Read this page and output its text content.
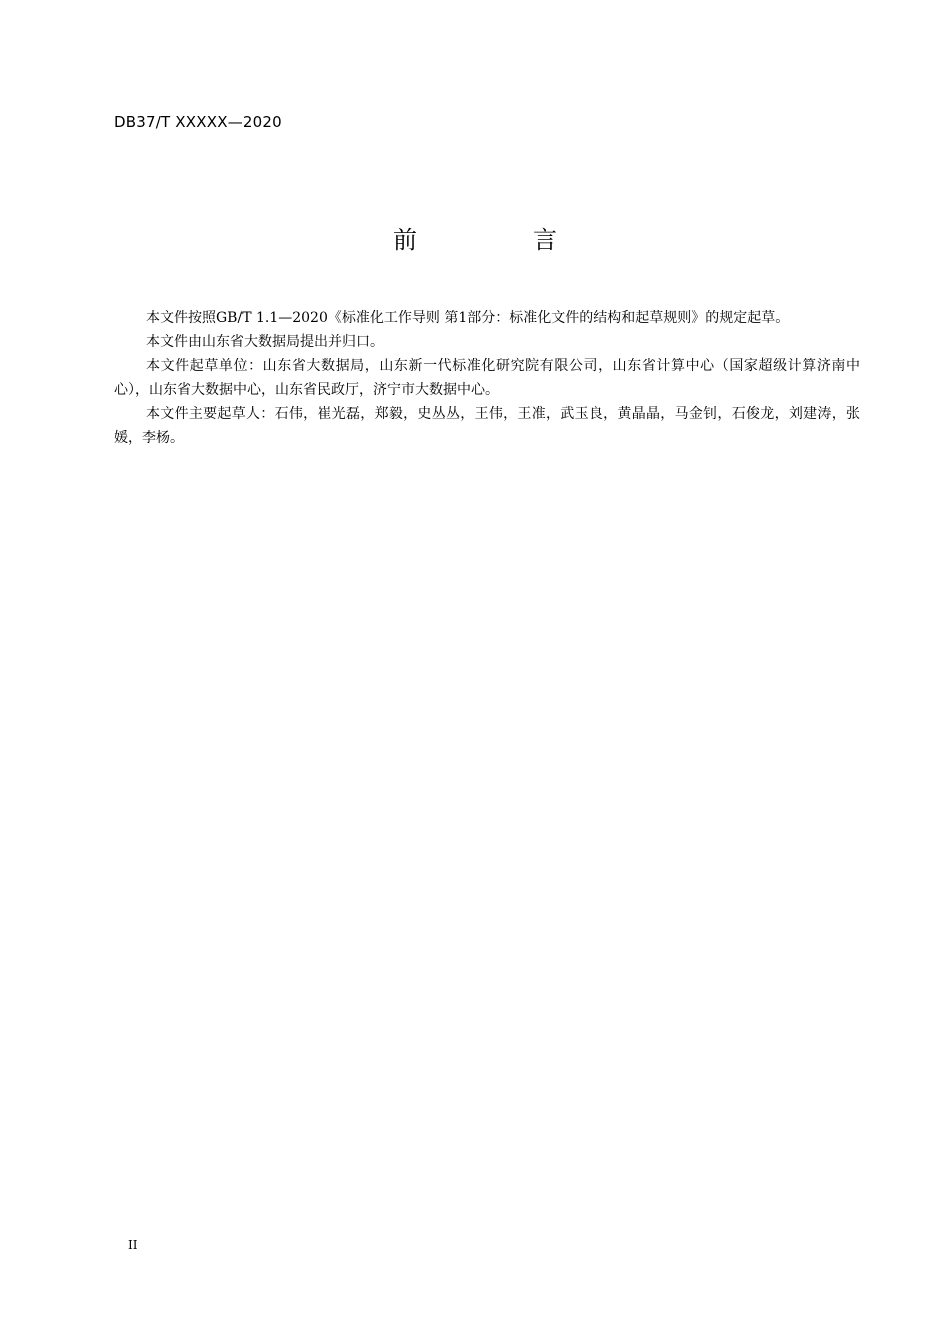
DB37/T XXXXX—2020
前　言

本文件按照GB/T 1.1—2020《标准化工作导则 第1部分：标准化文件的结构和起草规则》的规定起草。

本文件由山东省大数据局提出并归口。

本文件起草单位：山东省大数据局，山东新一代标准化研究院有限公司，山东省计算中心（国家超级计算济南中心），山东省大数据中心，山东省民政厅，济宁市大数据中心。

本文件主要起草人：石伟，崔光磊，郑毅，史丛丛，王伟，王准，武玉良，黄晶晶，马金钊，石俊龙，刘建涛，张媛，李杨。

II
